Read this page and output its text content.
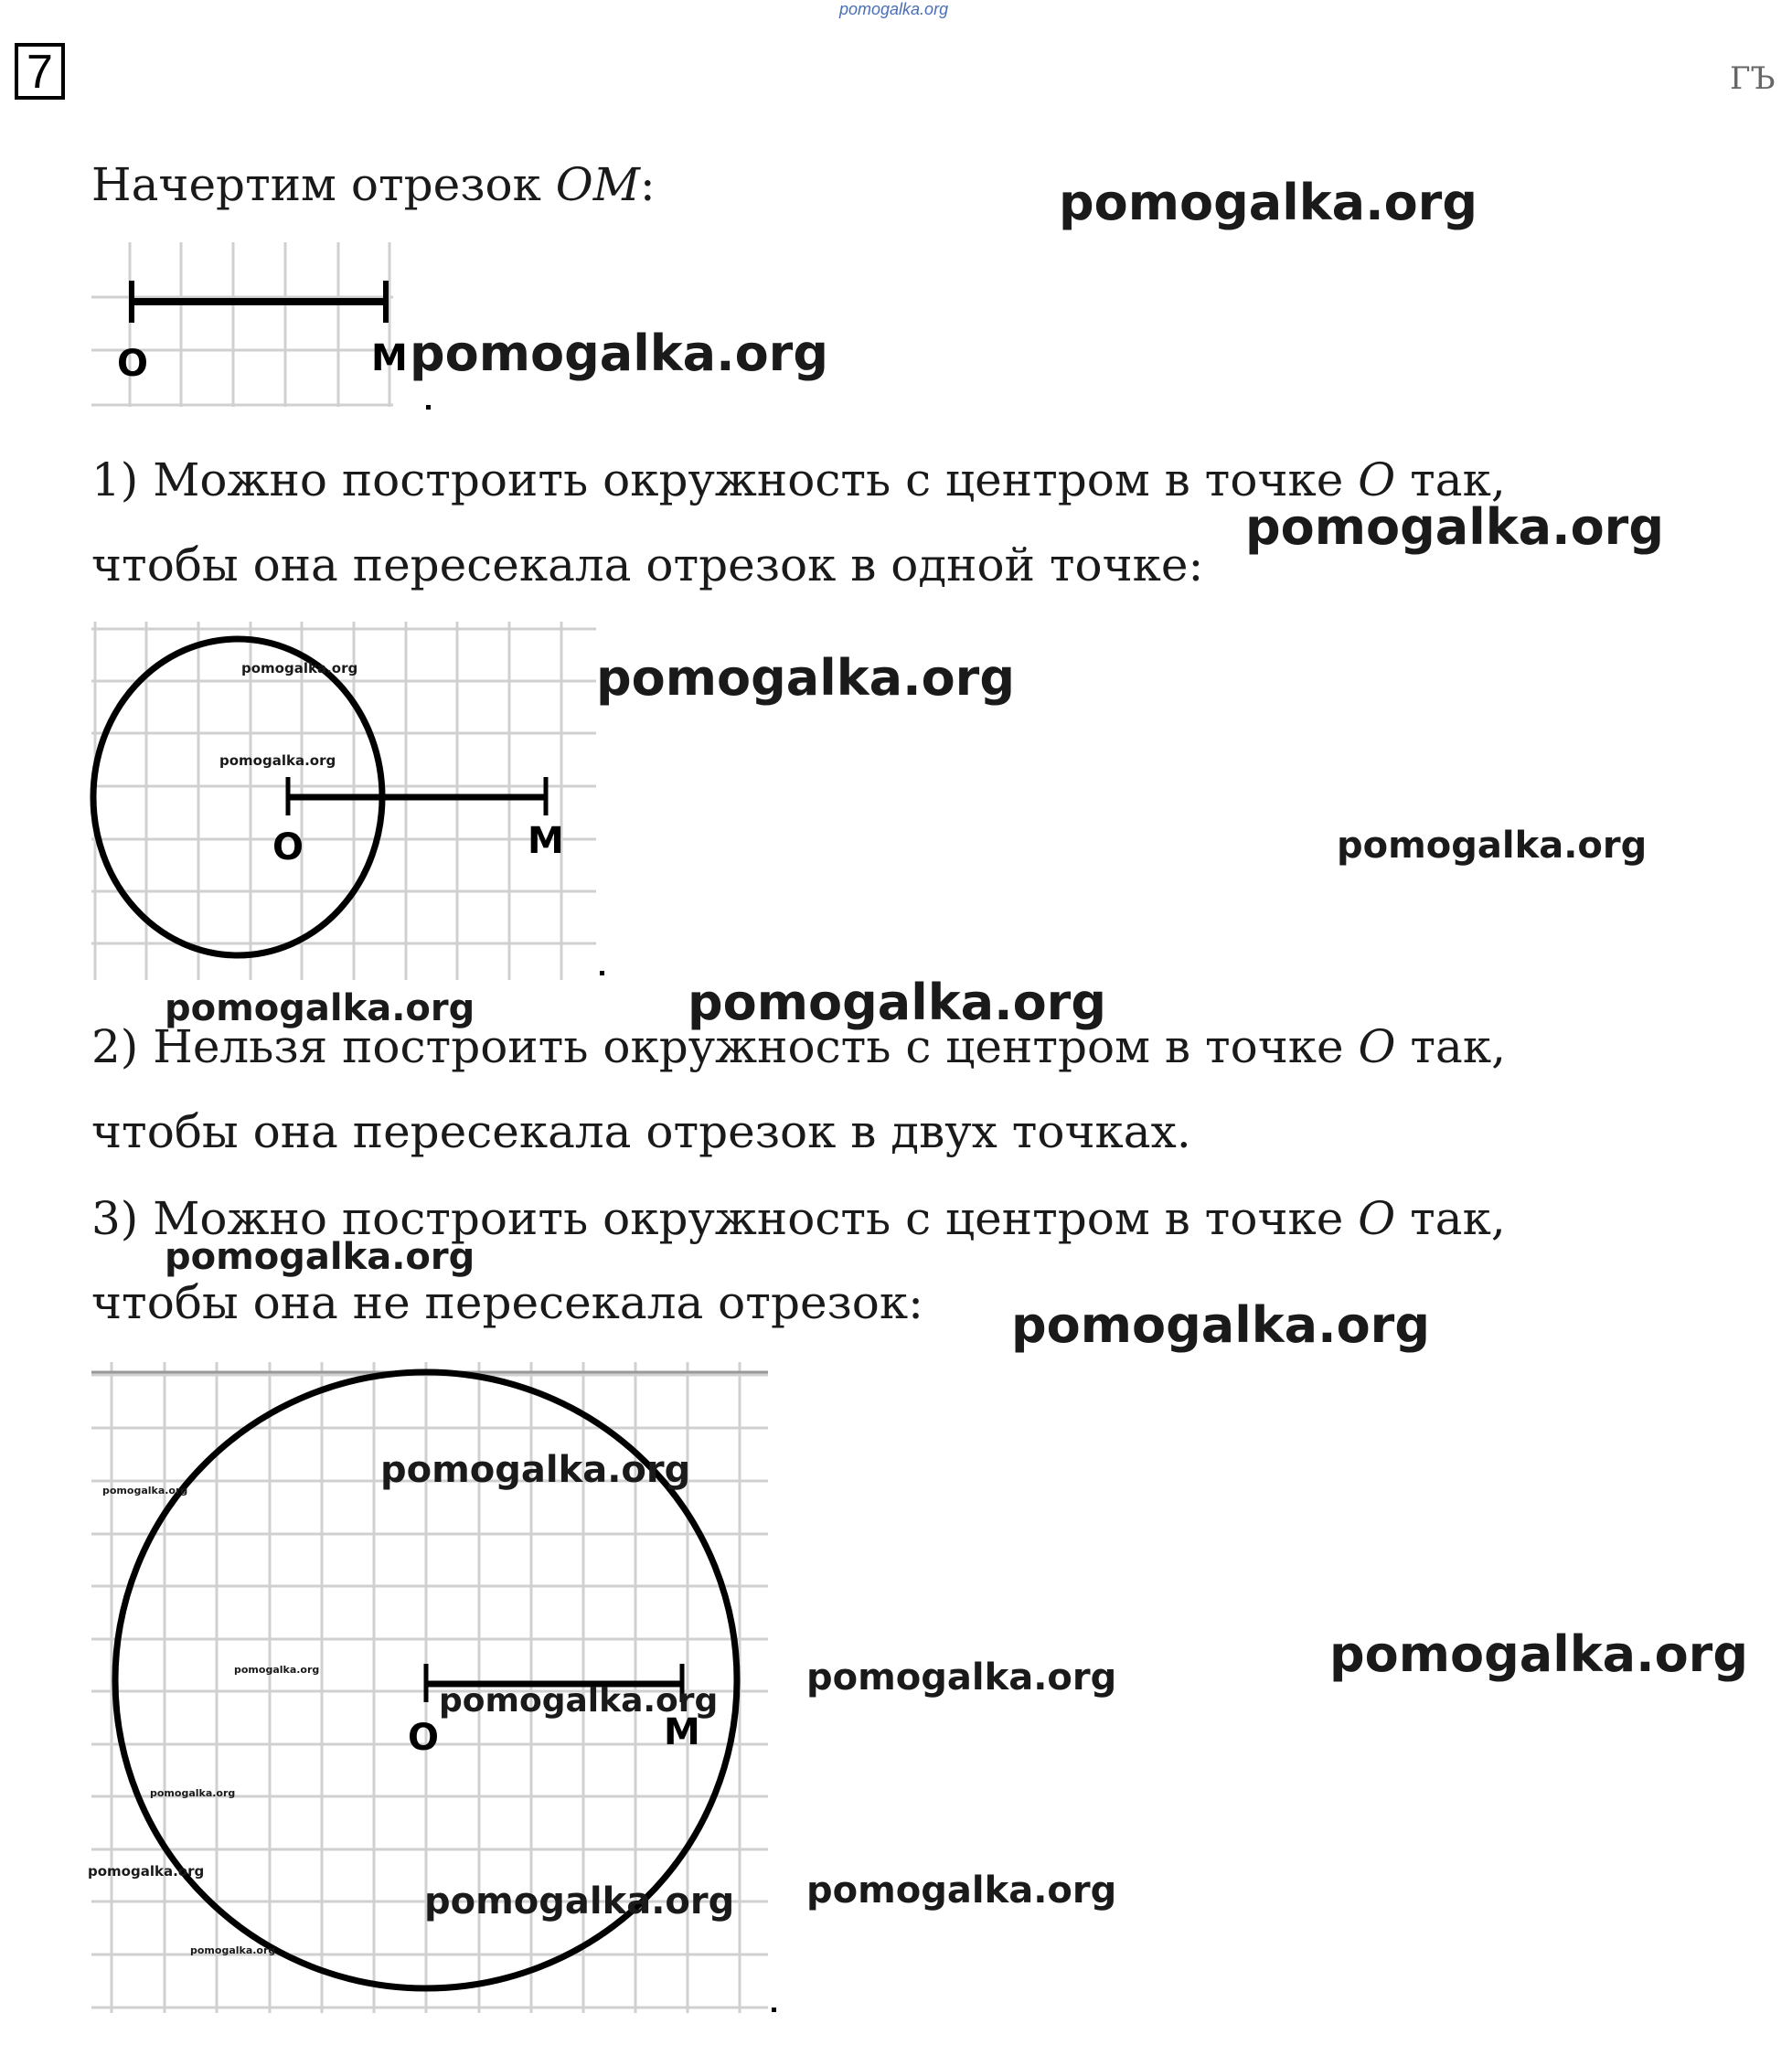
7
pomogalka.org
ГЪ
Начертим отрезок OM:
O	M
1) Можно построить окружность с центром в точке O так,
чтобы она пересекала отрезок в одной точке:
O	M
2) Нельзя построить окружность с центром в точке O так,
чтобы она пересекала отрезок в двух точках.
3) Можно построить окружность с центром в точке O так,
чтобы она не пересекала отрезок:
O	M
pomogalka.org
pomogalka.org
pomogalka.org
pomogalka.org
pomogalka.org
pomogalka.org
pomogalka.org
pomogalka.org	pomogalka.org
pomogalka.org
pomogalka.org
pomogalka.org
pomogalka.org
pomogalka.org	pomogalka.org	pomogalka.org
pomogalka.org
pomogalka.org
pomogalka.org
pomogalka.org pomogalka.org
pomogalka.org
